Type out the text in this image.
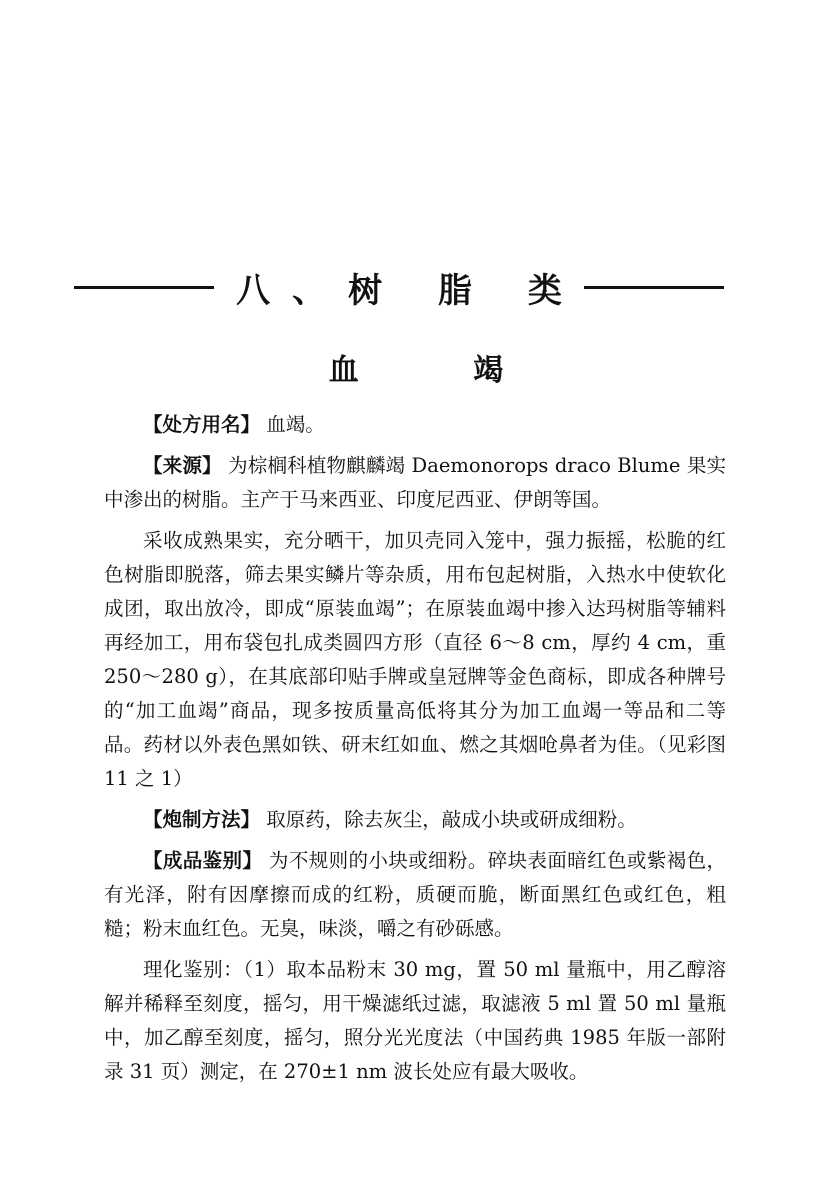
八、树 脂 类
血 竭

【处方用名】 血竭。

【来源】 为棕榈科植物麒麟竭 Daemonorops draco Blume 果实中渗出的树脂。主产于马来西亚、印度尼西亚、伊朗等国。

采收成熟果实，充分晒干，加贝壳同入笼中，强力振摇，松脆的红色树脂即脱落，筛去果实鳞片等杂质，用布包起树脂，入热水中使软化成团，取出放冷，即成“原装血竭”；在原装血竭中掺入达玛树脂等辅料再经加工，用布袋包扎成类圆四方形（直径 6～8 cm，厚约 4 cm，重 250～280 g），在其底部印贴手牌或皇冠牌等金色商标，即成各种牌号的“加工血竭”商品，现多按质量高低将其分为加工血竭一等品和二等品。药材以外表色黑如铁、研末红如血、燃之其烟呛鼻者为佳。（见彩图 11 之 1）

【炮制方法】 取原药，除去灰尘，敲成小块或研成细粉。

【成品鉴别】 为不规则的小块或细粉。碎块表面暗红色或紫褐色，有光泽，附有因摩擦而成的红粉，质硬而脆，断面黑红色或红色，粗糙；粉末血红色。无臭，味淡，嚼之有砂砾感。

理化鉴别：（1）取本品粉末 30 mg，置 50 ml 量瓶中，用乙醇溶解并稀释至刻度，摇匀，用干燥滤纸过滤，取滤液 5 ml 置 50 ml 量瓶中，加乙醇至刻度，摇匀，照分光光度法（中国药典 1985 年版一部附录 31 页）测定，在 270±1 nm 波长处应有最大吸收。
